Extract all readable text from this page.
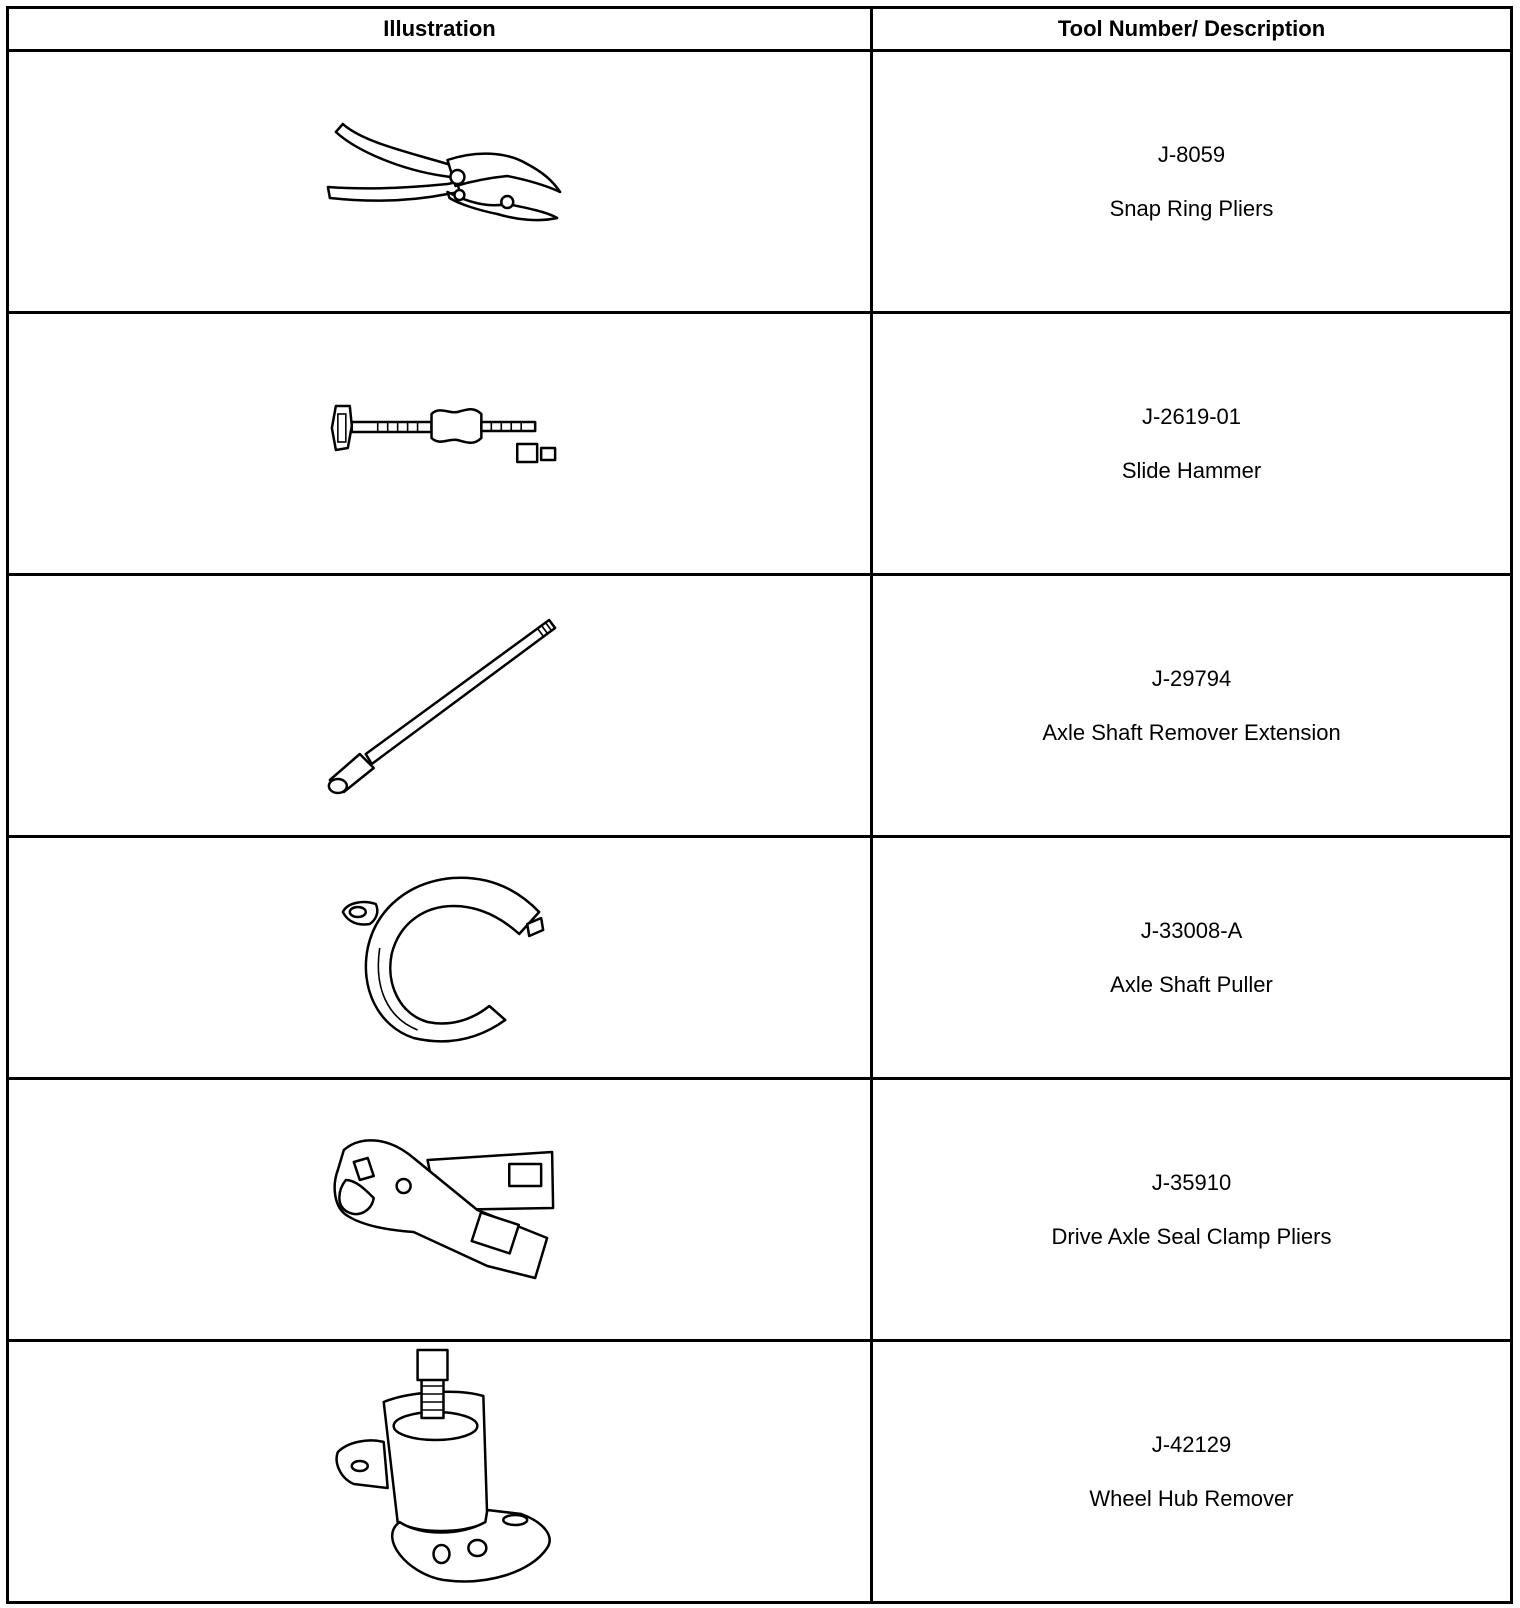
Illustration	Tool Number/ Description

J-8059
Snap Ring Pliers

J-2619-01
Slide Hammer

J-29794
Axle Shaft Remover Extension

J-33008-A
Axle Shaft Puller

J-35910
Drive Axle Seal Clamp Pliers

J-42129
Wheel Hub Remover
